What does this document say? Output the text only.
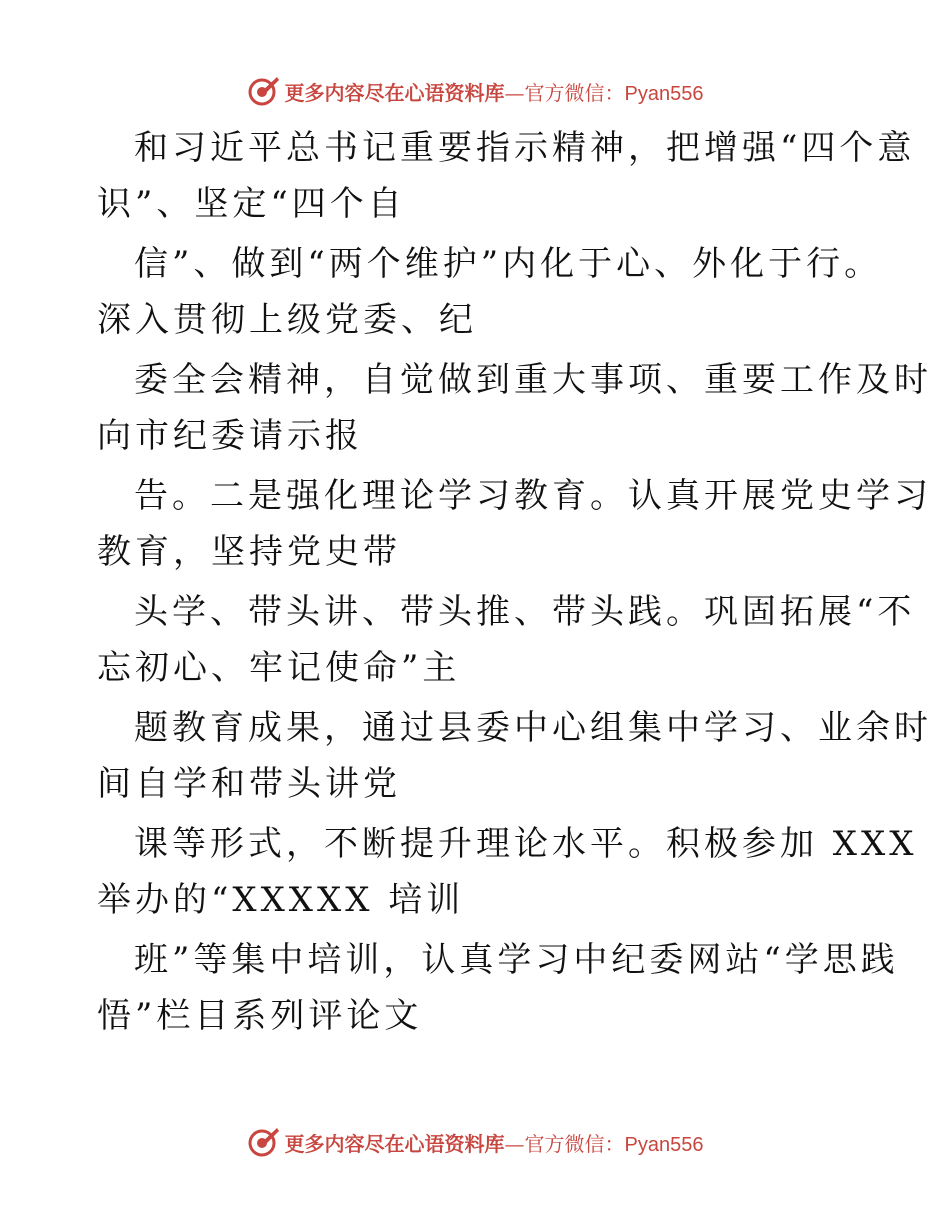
更多内容尽在心语资料库—官方微信：Pyan556
和习近平总书记重要指示精神，把增强“四个意
识”、坚定“四个自
信”、做到“两个维护”内化于心、外化于行。
深入贯彻上级党委、纪
委全会精神，自觉做到重大事项、重要工作及时
向市纪委请示报
告。二是强化理论学习教育。认真开展党史学习
教育，坚持党史带
头学、带头讲、带头推、带头践。巩固拓展“不
忘初心、牢记使命”主
题教育成果，通过县委中心组集中学习、业余时
间自学和带头讲党
课等形式，不断提升理论水平。积极参加 XXX
举办的“XXXXX 培训
班”等集中培训，认真学习中纪委网站“学思践
悟”栏目系列评论文
更多内容尽在心语资料库—官方微信：Pyan556
